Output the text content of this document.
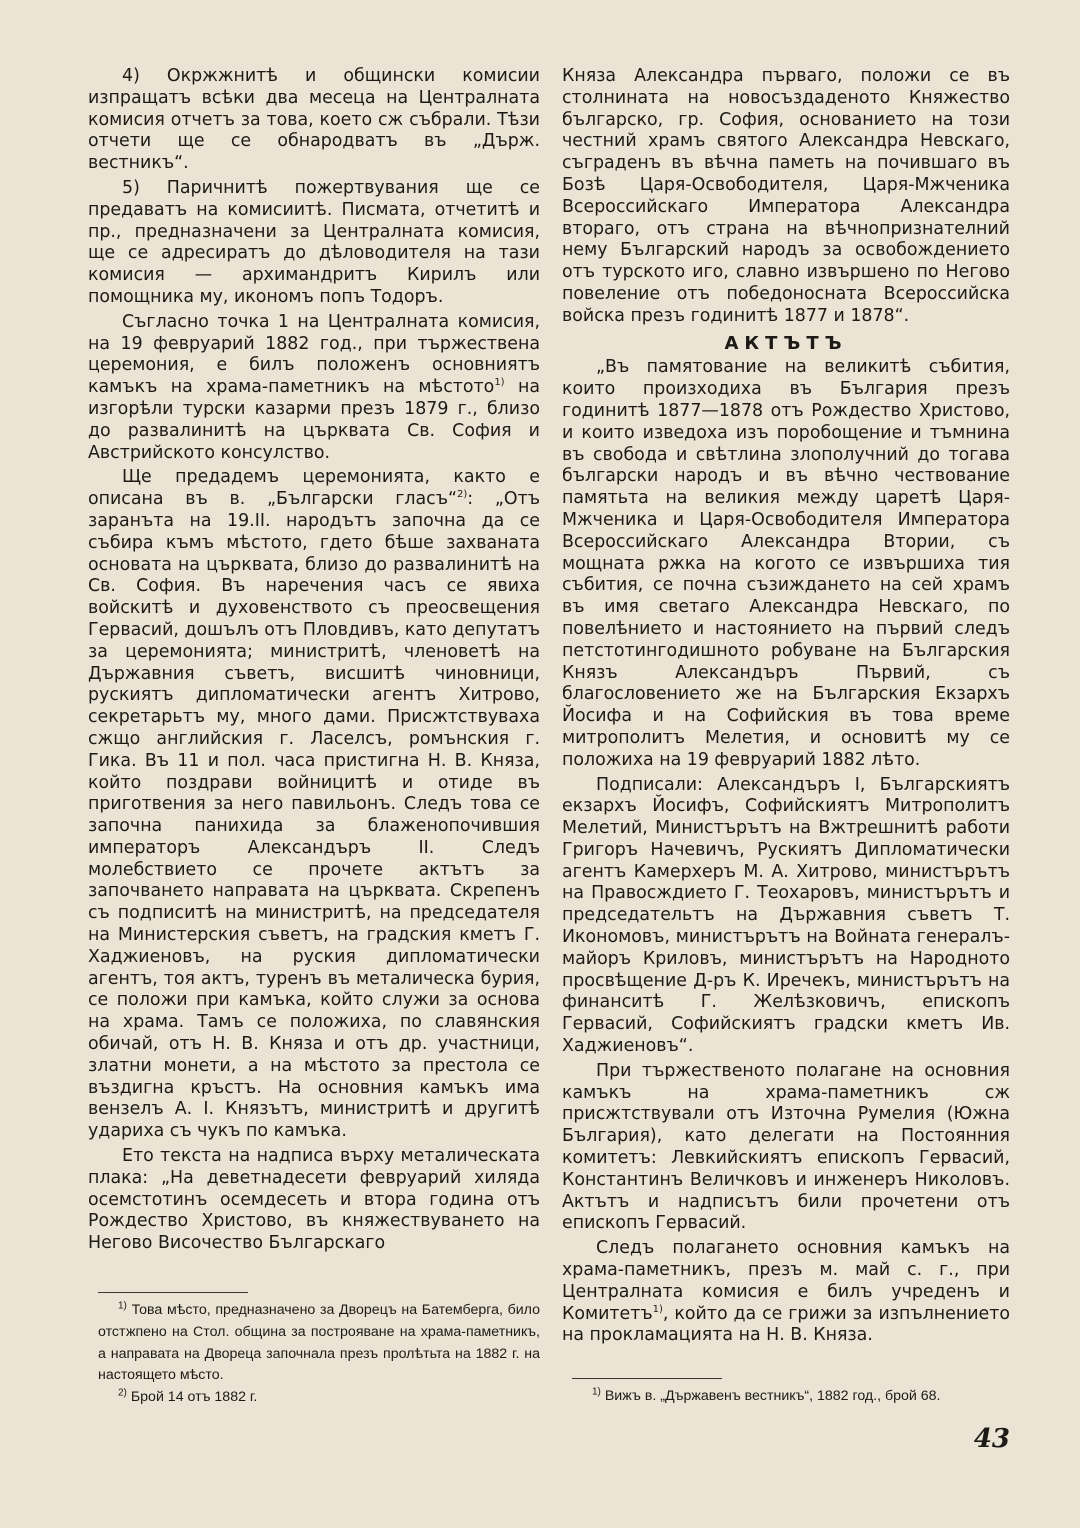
4) Окржжнитѣ и общински комисии изпращатъ всѣки два месеца на Централната комисия отчетъ за това, което сж събрали. Тѣзи отчети ще се обнародватъ въ „Държ. вестникъ“.

5) Паричнитѣ пожертвувания ще се предаватъ на комисиитѣ. Писмата, отчетитѣ и пр., предназначени за Централната комисия, ще се адресиратъ до дѣловодителя на тази комисия — архимандритъ Кирилъ или помощника му, икономъ попъ Тодоръ.

Съгласно точка 1 на Централната комисия, на 19 февруарий 1882 год., при тържествена церемония, е билъ положенъ основниятъ камъкъ на храма-паметникъ на мѣстото$^{1)}$ на изгорѣли турски казарми презъ 1879 г., близо до развалинитѣ на църквата Св. София и Австрийското консулство.

Ще предадемъ церемонията, както е описана въ в. „Български гласъ“$^{2)}$: „Отъ заранъта на 19.II. народътъ започна да се събира къмъ мѣстото, гдето бѣше захваната основата на църквата, близо до развалинитѣ на Св. София. Въ наречения часъ се явиха войскитѣ и духовенството съ преосвещения Гервасий, дошълъ отъ Пловдивъ, като депутатъ за церемонията; министритѣ, членоветѣ на Държавния съветъ, висшитѣ чиновници, рускиятъ дипломатически агентъ Хитрово, секретарьтъ му, много дами. Присжтствуваха сжщо английския г. Ласелсъ, ромънския г. Гика. Въ 11 и пол. часа пристигна Н. В. Княза, който поздрави войницитѣ и отиде въ приготвения за него павильонъ. Следъ това се започна панихида за блаженопочившия императоръ Александъръ II. Следъ молебствието се прочете актътъ за започването направата на църквата. Скрепенъ съ подписитѣ на министритѣ, на председателя на Министерския съветъ, на градския кметъ Г. Хаджиеновъ, на руския дипломатически агентъ, тоя актъ, туренъ въ металическа бурия, се положи при камъка, който служи за основа на храма. Тамъ се положиха, по славянския обичай, отъ Н. В. Княза и отъ др. участници, златни монети, а на мѣстото за престола се въздигна кръстъ. На основния камъкъ има вензелъ А. I. Князътъ, министритѣ и другитѣ удариха съ чукъ по камъка.

Ето текста на надписа върху металическата плака: „На деветнадесети февруарий хиляда осемстотинъ осемдесеть и втора година отъ Рождество Христово, въ княжествуването на Негово Височество Българскаго

Княза Александра първаго, положи се въ столнината на новосъздаденото Княжество българско, гр. София, основанието на този честний храмъ святого Александра Невскаго, съграденъ въ вѣчна паметь на почившаго въ Бозѣ Царя-Освободителя, Царя-Мжченика Всероссийскаго Императора Александра втораго, отъ страна на вѣчнопризнателний нему Българский народъ за освобождението отъ турското иго, славно извършено по Негово повеление отъ победоносната Всероссийска войска презъ годинитѣ 1877 и 1878“.

АКТЪТЪ

„Въ памятование на великитѣ събития, които произходиха въ България презъ годинитѣ 1877—1878 отъ Рождество Христово, и които изведоха изъ поробощение и тъмнина въ свобода и свѣтлина злополучний до тогава български народъ и въ вѣчно чествование памятьта на великия между царетѣ Царя-Мжченика и Царя-Освободителя Императора Всероссийскаго Александра Втории, съ мощната ржка на когото се извършиха тия събития, се почна съзиждането на сей храмъ въ имя светаго Александра Невскаго, по повелѣнието и настоянието на първий следъ петстотингодишното робуване на Българския Князъ Александъръ Първий, съ благословението же на Българския Екзархъ Йосифа и на Софийския въ това време митрополитъ Мелетия, и основитѣ му се положиха на 19 февруарий 1882 лѣто.

Подписали: Александъръ I, Българскиятъ екзархъ Йосифъ, Софийскиятъ Митрополитъ Мелетий, Министърътъ на Вжтрешнитѣ работи Григоръ Начевичъ, Рускиятъ Дипломатически агентъ Камерхеръ М. А. Хитрово, министърътъ на Правосждието Г. Теохаровъ, министърътъ и председательтъ на Държавния съветъ Т. Икономовъ, министърътъ на Войната генералъ-майоръ Криловъ, министърътъ на Народното просвѣщение Д-ръ К. Иречекъ, министърътъ на финанситѣ Г. Желѣзковичъ, епископъ Гервасий, Софийскиятъ градски кметъ Ив. Хаджиеновъ“.

При тържественото полагане на основния камъкъ на храма-паметникъ сж присжтствували отъ Източна Румелия (Южна България), като делегати на Постоянния комитетъ: Левкийскиятъ епископъ Гервасий, Константинъ Величковъ и инженеръ Николовъ. Актътъ и надписътъ били прочетени отъ епископъ Гервасий.

Следъ полагането основния камъкъ на храма-паметникъ, презъ м. май с. г., при Централната комисия е билъ учреденъ и Комитетъ$^{1)}$, който да се грижи за изпълнението на прокламацията на Н. В. Княза.

$^{1)}$ Това мѣсто, предназначено за Дворецъ на Батемберга, било отстжпено на Стол. община за построяване на храма-паметникъ, а направата на Двореца започнала презъ пролѣтьта на 1882 г. на настоящето мѣсто.

$^{2)}$ Брой 14 отъ 1882 г.	$^{1)}$ Вижъ в. „Държавенъ вестникъ“, 1882 год., брой 68.

43
